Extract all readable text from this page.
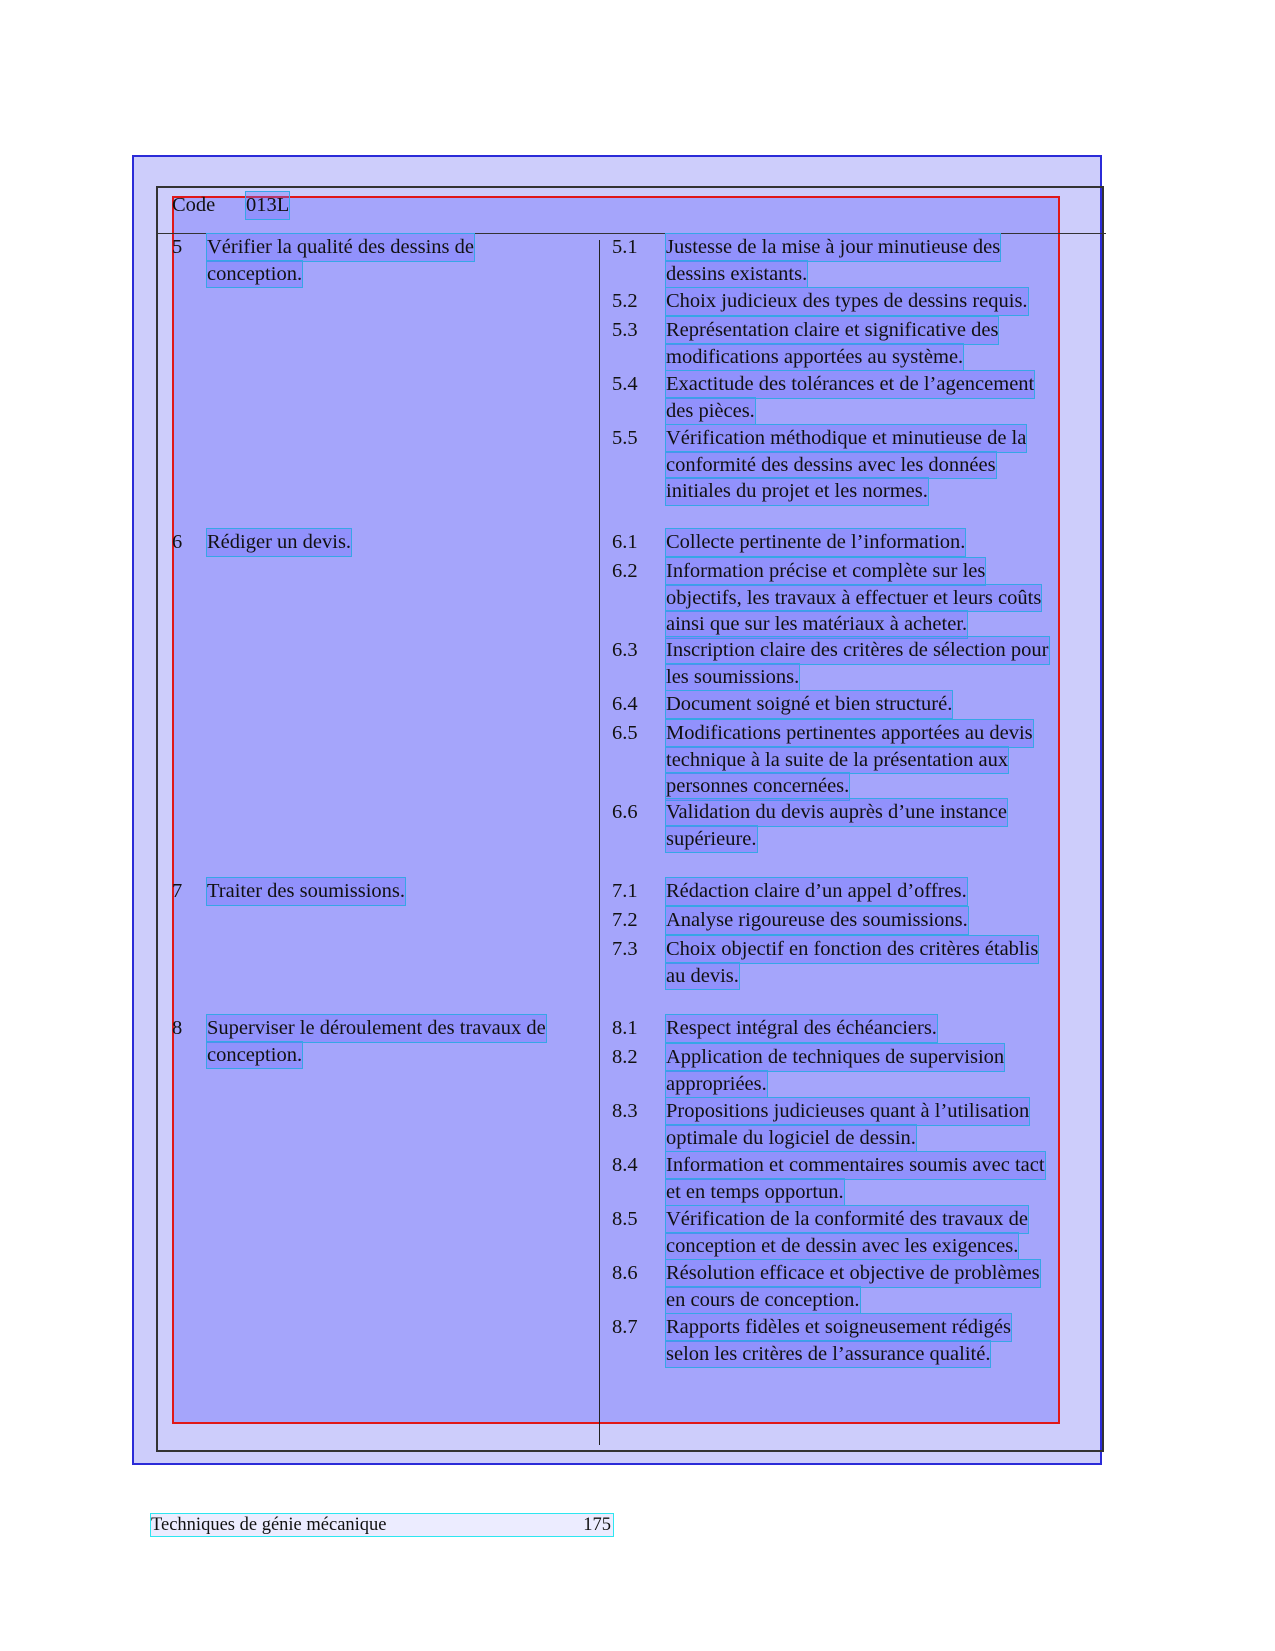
Code 013L
5	Vérifier la qualité des dessins de
conception.
5.1	Justesse de la mise à jour minutieuse des
dessins existants.
5.2	Choix judicieux des types de dessins requis.
5.3	Représentation claire et significative des
modifications apportées au système.
5.4	Exactitude des tolérances et de l’agencement
des pièces.
5.5	Vérification méthodique et minutieuse de la
conformité des dessins avec les données
initiales du projet et les normes.
6	Rédiger un devis.	6.1	Collecte pertinente de l’information.
6.2	Information précise et complète sur les
objectifs, les travaux à effectuer et leurs coûts
ainsi que sur les matériaux à acheter.
6.3	Inscription claire des critères de sélection pour
les soumissions.
6.4	Document soigné et bien structuré.
6.5	Modifications pertinentes apportées au devis
technique à la suite de la présentation aux
personnes concernées.
6.6	Validation du devis auprès d’une instance
supérieure.
7	Traiter des soumissions.	7.1	Rédaction claire d’un appel d’offres.
7.2	Analyse rigoureuse des soumissions.
7.3	Choix objectif en fonction des critères établis
au devis.
8	Superviser le déroulement des travaux de
conception.
8.1	Respect intégral des échéanciers.
8.2	Application de techniques de supervision
appropriées.
8.3	Propositions judicieuses quant à l’utilisation
optimale du logiciel de dessin.
8.4	Information et commentaires soumis avec tact
et en temps opportun.
8.5	Vérification de la conformité des travaux de
conception et de dessin avec les exigences.
8.6	Résolution efficace et objective de problèmes
en cours de conception.
8.7	Rapports fidèles et soigneusement rédigés
selon les critères de l’assurance qualité.
Techniques de génie mécanique	175
